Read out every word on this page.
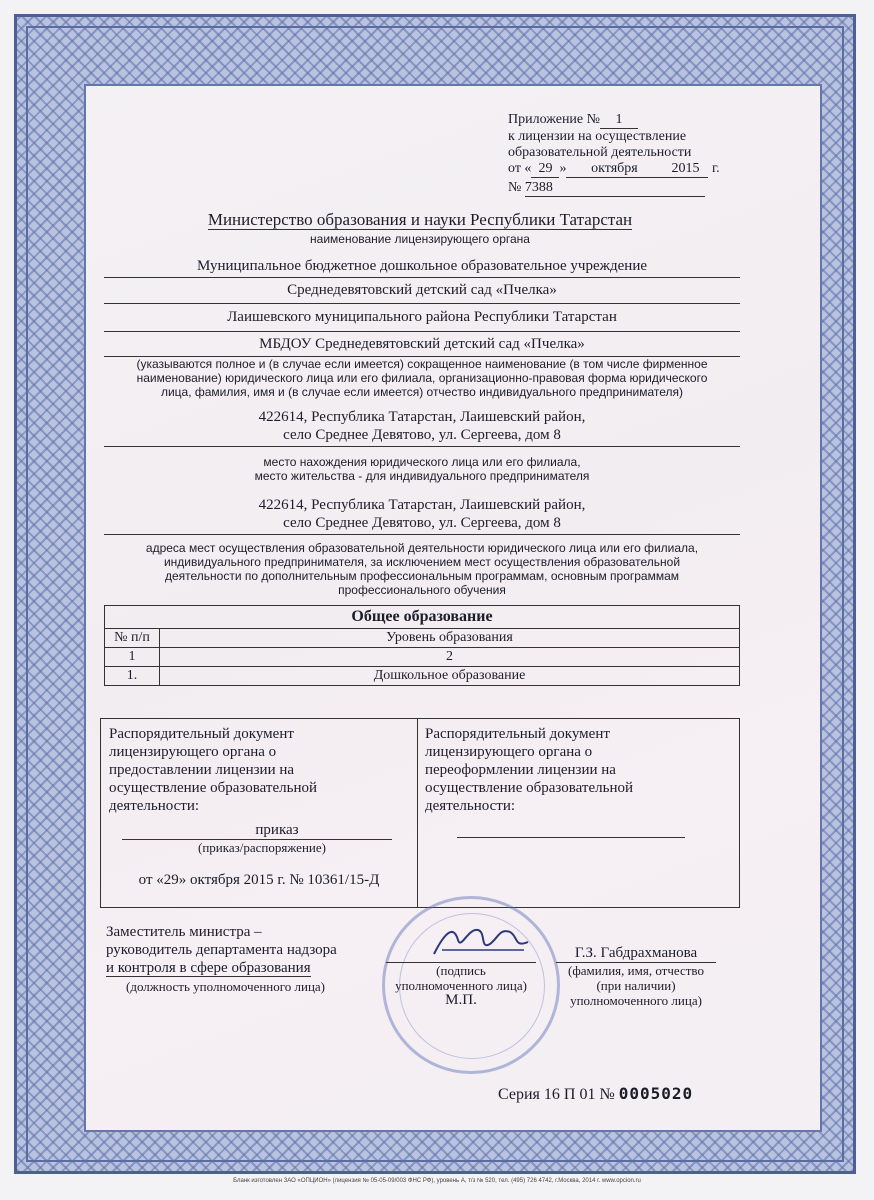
Приложение № 1
к лицензии на осуществление
образовательной деятельности
от « 29 » октября 2015 г.
№ 7388
Министерство образования и науки Республики Татарстан
наименование лицензирующего органа
Муниципальное бюджетное дошкольное образовательное учреждение
Среднедевятовский детский сад «Пчелка»
Лаишевского муниципального района Республики Татарстан
МБДОУ Среднедевятовский детский сад «Пчелка»
(указываются полное и (в случае если имеется) сокращенное наименование (в том числе фирменное
наименование) юридического лица или его филиала, организационно-правовая форма юридического
лица, фамилия, имя и (в случае если имеется) отчество индивидуального предпринимателя)
422614, Республика Татарстан, Лаишевский район,
село Среднее Девятово, ул. Сергеева, дом 8
место нахождения юридического лица или его филиала,
место жительства - для индивидуального предпринимателя
422614, Республика Татарстан, Лаишевский район,
село Среднее Девятово, ул. Сергеева, дом 8
адреса мест осуществления образовательной деятельности юридического лица или его филиала,
индивидуального предпринимателя, за исключением мест осуществления образовательной
деятельности по дополнительным профессиональным программам, основным программам
профессионального обучения
Общее образование	
№ п/п	Уровень образования
1	2
1.	Дошкольное образование
Распорядительный документ
лицензирующего органа о
предоставлении лицензии на
осуществление образовательной
деятельности:
приказ
(приказ/распоряжение)
от «29» октября 2015 г. № 10361/15-Д
Распорядительный документ
лицензирующего органа о
переоформлении лицензии на
осуществление образовательной
деятельности:
Заместитель министра –
руководитель департамента надзора
и контроля в сфере образования
(должность уполномоченного лица)
(подпись
уполномоченного лица)
М.П.
Г.З. Габдрахманова
(фамилия, имя, отчество
(при наличии)
уполномоченного лица)
Серия 16 П 01 № 0005020
Бланк изготовлен ЗАО «ОПЦИОН» (лицензия № 05-05-09/003 ФНС РФ), уровень А, т/з № 520, тел. (495) 726 4742, г.Москва, 2014 г. www.opcion.ru
